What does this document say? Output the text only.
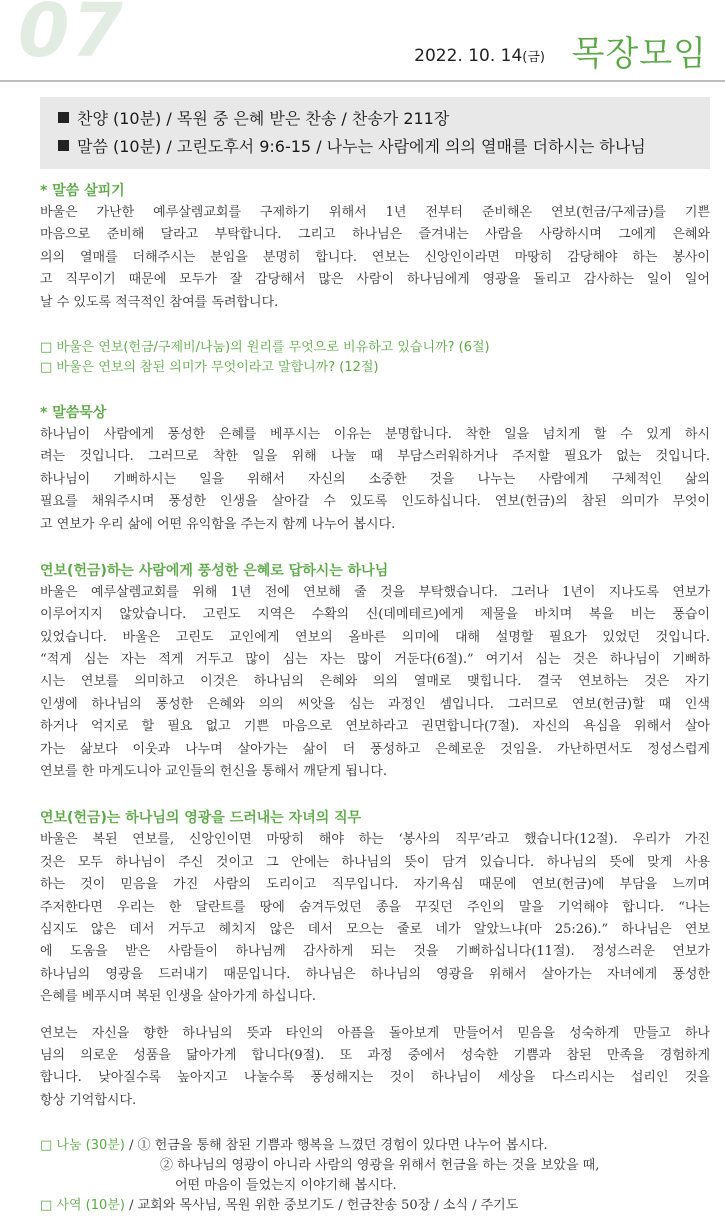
07	2022. 10. 14(금) 목장모임
찬양 (10분) / 목원 중 은혜 받은 찬송 / 찬송가 211장
말씀 (10분) / 고린도후서 9:6-15 / 나누는 사람에게 의의 열매를 더하시는 하나님
* 말씀 살피기
바울은 가난한 예루살렘교회를 구제하기 위해서 1년 전부터 준비해온 연보(헌금/구제금)를 기쁜
마음으로 준비해 달라고 부탁합니다. 그리고 하나님은 즐겨내는 사람을 사랑하시며 그에게 은혜와
의의 열매를 더해주시는 분임을 분명히 합니다. 연보는 신앙인이라면 마땅히 감당해야 하는 봉사이
고 직무이기 때문에 모두가 잘 감당해서 많은 사람이 하나님에게 영광을 돌리고 감사하는 일이 일어
날 수 있도록 적극적인 참여를 독려합니다.
□ 바울은 연보(헌금/구제비/나눔)의 원리를 무엇으로 비유하고 있습니까? (6절)
□ 바울은 연보의 참된 의미가 무엇이라고 말합니까? (12절)
* 말씀묵상
하나님이 사람에게 풍성한 은혜를 베푸시는 이유는 분명합니다. 착한 일을 넘치게 할 수 있게 하시
려는 것입니다. 그러므로 착한 일을 위해 나눌 때 부담스러워하거나 주저할 필요가 없는 것입니다.
하나님이 기뻐하시는 일을 위해서 자신의 소중한 것을 나누는 사람에게 구체적인 삶의
필요를 채워주시며 풍성한 인생을 살아갈 수 있도록 인도하십니다. 연보(헌금)의 참된 의미가 무엇이
고 연보가 우리 삶에 어떤 유익함을 주는지 함께 나누어 봅시다.
연보(헌금)하는 사람에게 풍성한 은혜로 답하시는 하나님
바울은 예루살렘교회를 위해 1년 전에 연보해 줄 것을 부탁했습니다. 그러나 1년이 지나도록 연보가
이루어지지 않았습니다. 고린도 지역은 수확의 신(데메테르)에게 제물을 바치며 복을 비는 풍습이
있었습니다. 바울은 고린도 교인에게 연보의 올바른 의미에 대해 설명할 필요가 있었던 것입니다.
“적게 심는 자는 적게 거두고 많이 심는 자는 많이 거둔다(6절).” 여기서 심는 것은 하나님이 기뻐하
시는 연보를 의미하고 이것은 하나님의 은혜와 의의 열매로 맺힙니다. 결국 연보하는 것은 자기
인생에 하나님의 풍성한 은혜와 의의 씨앗을 심는 과정인 셈입니다. 그러므로 연보(헌금)할 때 인색
하거나 억지로 할 필요 없고 기쁜 마음으로 연보하라고 권면합니다(7절). 자신의 욕심을 위해서 살아
가는 삶보다 이웃과 나누며 살아가는 삶이 더 풍성하고 은혜로운 것임을. 가난하면서도 정성스럽게
연보를 한 마게도니아 교인들의 헌신을 통해서 깨닫게 됩니다.
연보(헌금)는 하나님의 영광을 드러내는 자녀의 직무
바울은 복된 연보를, 신앙인이면 마땅히 해야 하는 ‘봉사의 직무’라고 했습니다(12절). 우리가 가진
것은 모두 하나님이 주신 것이고 그 안에는 하나님의 뜻이 담겨 있습니다. 하나님의 뜻에 맞게 사용
하는 것이 믿음을 가진 사람의 도리이고 직무입니다. 자기욕심 때문에 연보(헌금)에 부담을 느끼며
주저한다면 우리는 한 달란트를 땅에 숨겨두었던 종을 꾸짖던 주인의 말을 기억해야 합니다. “나는
심지도 않은 데서 거두고 헤치지 않은 데서 모으는 줄로 네가 알았느냐(마 25:26).” 하나님은 연보
에 도움을 받은 사람들이 하나님께 감사하게 되는 것을 기뻐하십니다(11절). 정성스러운 연보가
하나님의 영광을 드러내기 때문입니다. 하나님은 하나님의 영광을 위해서 살아가는 자녀에게 풍성한
은혜를 베푸시며 복된 인생을 살아가게 하십니다.
연보는 자신을 향한 하나님의 뜻과 타인의 아픔을 돌아보게 만들어서 믿음을 성숙하게 만들고 하나
님의 의로운 성품을 닮아가게 합니다(9절). 또 과정 중에서 성숙한 기쁨과 참된 만족을 경험하게
합니다. 낮아질수록 높아지고 나눌수록 풍성해지는 것이 하나님이 세상을 다스리시는 섭리인 것을
항상 기억합시다.
□ 나눔 (30분) / ① 헌금을 통해 참된 기쁨과 행복을 느꼈던 경험이 있다면 나누어 봅시다.
② 하나님의 영광이 아니라 사람의 영광을 위해서 헌금을 하는 것을 보았을 때,
어떤 마음이 들었는지 이야기해 봅시다.
□ 사역 (10분) / 교회와 목사님, 목원 위한 중보기도 / 헌금찬송 50장 / 소식 / 주기도
